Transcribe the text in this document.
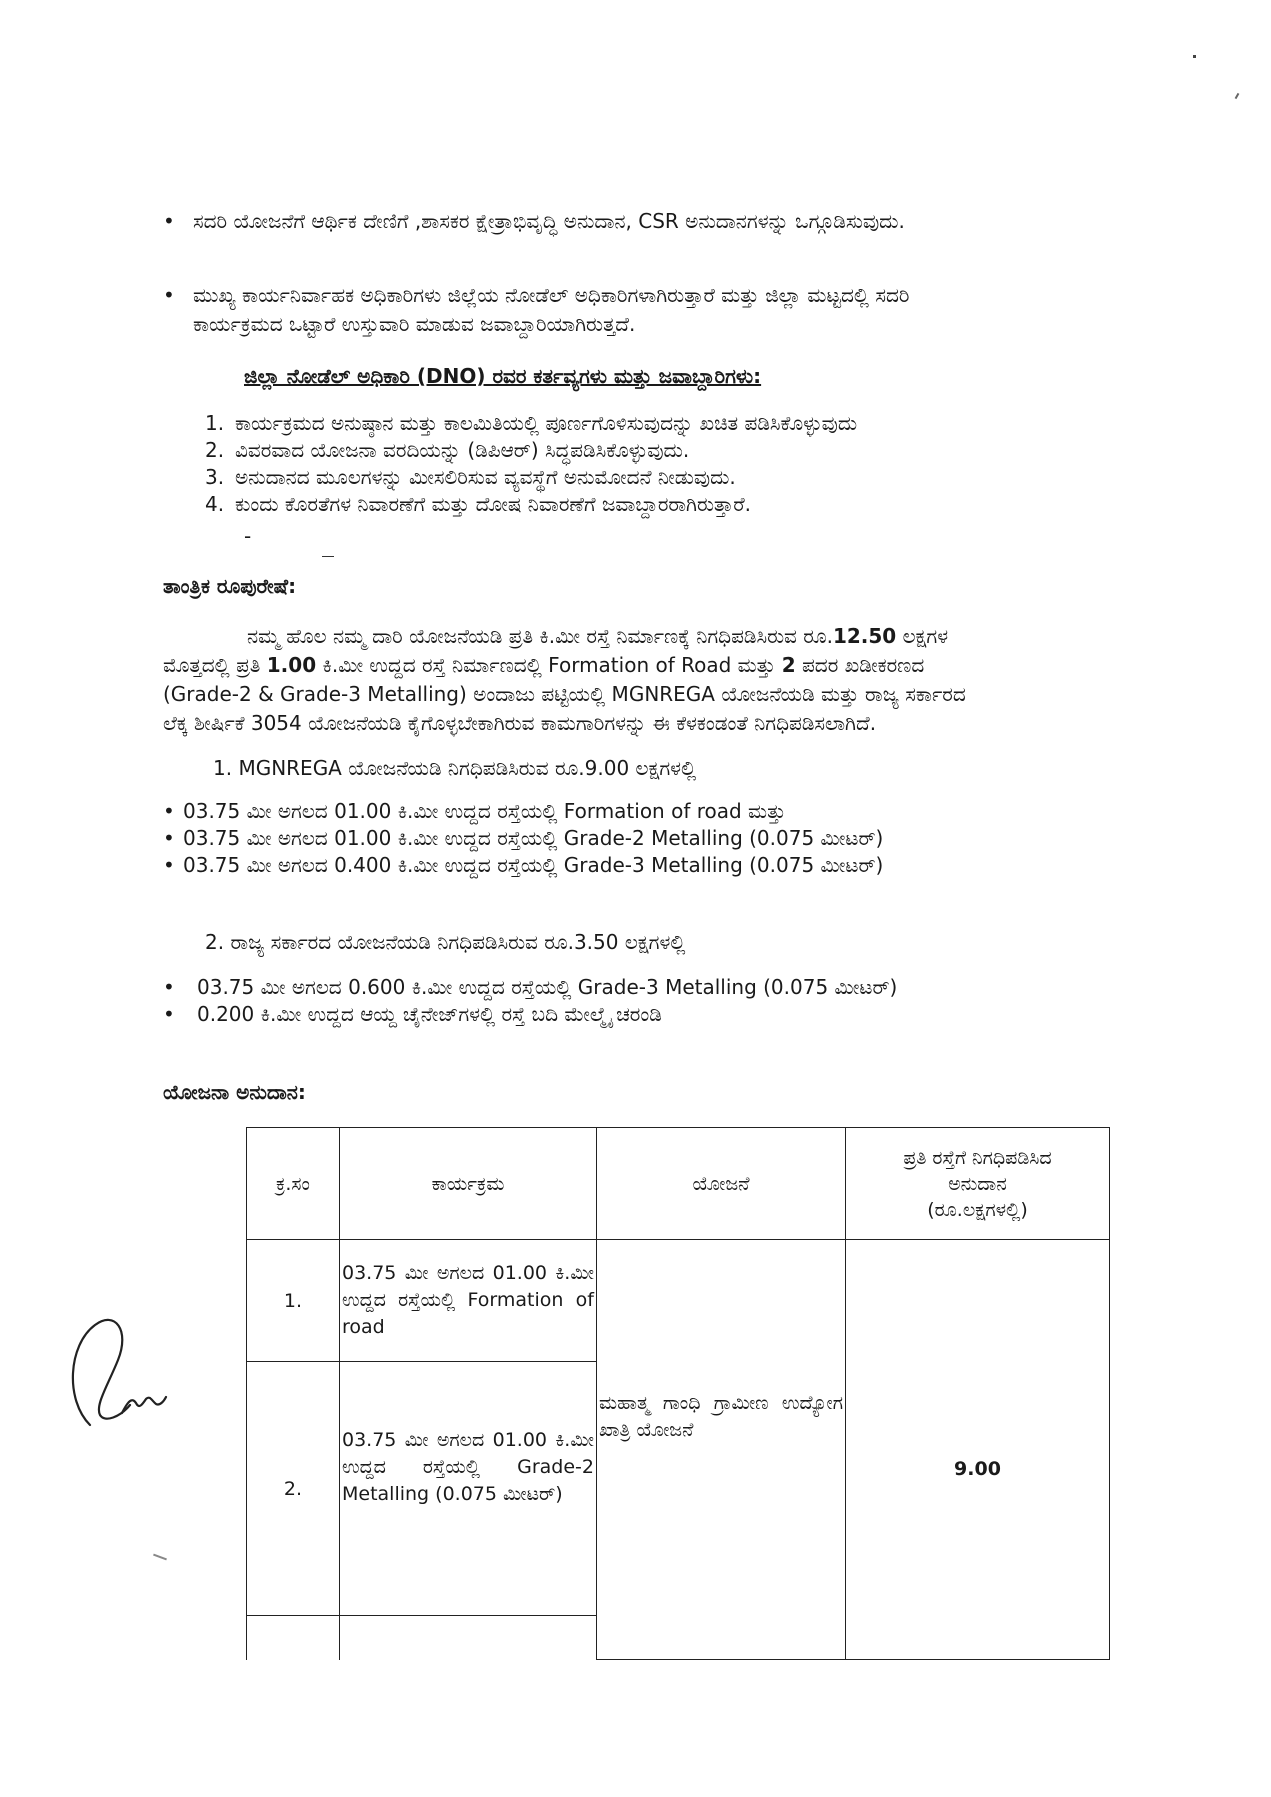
• ಸದರಿ ಯೋಜನೆಗೆ ಆರ್ಥಿಕ ದೇಣಿಗೆ ,ಶಾಸಕರ ಕ್ಷೇತ್ರಾಭಿವೃದ್ಧಿ ಅನುದಾನ, CSR ಅನುದಾನಗಳನ್ನು ಒಗ್ಗೂಡಿಸುವುದು.
• ಮುಖ್ಯ ಕಾರ್ಯನಿರ್ವಾಹಕ ಅಧಿಕಾರಿಗಳು ಜಿಲ್ಲೆಯ ನೋಡೆಲ್ ಅಧಿಕಾರಿಗಳಾಗಿರುತ್ತಾರೆ ಮತ್ತು ಜಿಲ್ಲಾ ಮಟ್ಟದಲ್ಲಿ ಸದರಿ
ಕಾರ್ಯಕ್ರಮದ ಒಟ್ಟಾರೆ ಉಸ್ತುವಾರಿ ಮಾಡುವ ಜವಾಬ್ದಾರಿಯಾಗಿರುತ್ತದೆ.
ಜಿಲ್ಲಾ ನೋಡೆಲ್ ಅಧಿಕಾರಿ (DNO) ರವರ ಕರ್ತವ್ಯಗಳು ಮತ್ತು ಜವಾಬ್ದಾರಿಗಳು:
1. ಕಾರ್ಯಕ್ರಮದ ಅನುಷ್ಠಾನ ಮತ್ತು ಕಾಲಮಿತಿಯಲ್ಲಿ ಪೂರ್ಣಗೊಳಿಸುವುದನ್ನು ಖಚಿತ ಪಡಿಸಿಕೊಳ್ಳುವುದು
2. ವಿವರವಾದ ಯೋಜನಾ ವರದಿಯನ್ನು (ಡಿಪಿಆರ್) ಸಿದ್ಧಪಡಿಸಿಕೊಳ್ಳುವುದು.
3. ಅನುದಾನದ ಮೂಲಗಳನ್ನು ಮೀಸಲಿರಿಸುವ ವ್ಯವಸ್ಥೆಗೆ ಅನುಮೋದನೆ ನೀಡುವುದು.
4. ಕುಂದು ಕೊರತೆಗಳ ನಿವಾರಣೆಗೆ ಮತ್ತು ದೋಷ ನಿವಾರಣೆಗೆ ಜವಾಬ್ದಾರರಾಗಿರುತ್ತಾರೆ.
-
ತಾಂತ್ರಿಕ ರೂಪುರೇಷೆ:
ನಮ್ಮ ಹೊಲ ನಮ್ಮ ದಾರಿ ಯೋಜನೆಯಡಿ ಪ್ರತಿ ಕಿ.ಮೀ ರಸ್ತೆ ನಿರ್ಮಾಣಕ್ಕೆ ನಿಗಧಿಪಡಿಸಿರುವ ರೂ.12.50 ಲಕ್ಷಗಳ
ಮೊತ್ತದಲ್ಲಿ ಪ್ರತಿ 1.00 ಕಿ.ಮೀ ಉದ್ದದ ರಸ್ತೆ ನಿರ್ಮಾಣದಲ್ಲಿ Formation of Road ಮತ್ತು 2 ಪದರ ಖಡೀಕರಣದ
(Grade-2 & Grade-3 Metalling) ಅಂದಾಜು ಪಟ್ಟಿಯಲ್ಲಿ MGNREGA ಯೋಜನೆಯಡಿ ಮತ್ತು ರಾಜ್ಯ ಸರ್ಕಾರದ
ಲೆಕ್ಕ ಶೀರ್ಷಿಕೆ 3054 ಯೋಜನೆಯಡಿ ಕೈಗೊಳ್ಳಬೇಕಾಗಿರುವ ಕಾಮಗಾರಿಗಳನ್ನು ಈ ಕೆಳಕಂಡಂತೆ ನಿಗಧಿಪಡಿಸಲಾಗಿದೆ.
1. MGNREGA ಯೋಜನೆಯಡಿ ನಿಗಧಿಪಡಿಸಿರುವ ರೂ.9.00 ಲಕ್ಷಗಳಲ್ಲಿ
• 03.75 ಮೀ ಅಗಲದ 01.00 ಕಿ.ಮೀ ಉದ್ದದ ರಸ್ತೆಯಲ್ಲಿ Formation of road ಮತ್ತು
• 03.75 ಮೀ ಅಗಲದ 01.00 ಕಿ.ಮೀ ಉದ್ದದ ರಸ್ತೆಯಲ್ಲಿ Grade-2 Metalling (0.075 ಮೀಟರ್)
• 03.75 ಮೀ ಅಗಲದ 0.400 ಕಿ.ಮೀ ಉದ್ದದ ರಸ್ತೆಯಲ್ಲಿ Grade-3 Metalling (0.075 ಮೀಟರ್)
2. ರಾಜ್ಯ ಸರ್ಕಾರದ ಯೋಜನೆಯಡಿ ನಿಗಧಿಪಡಿಸಿರುವ ರೂ.3.50 ಲಕ್ಷಗಳಲ್ಲಿ
•	03.75 ಮೀ ಅಗಲದ 0.600 ಕಿ.ಮೀ ಉದ್ದದ ರಸ್ತೆಯಲ್ಲಿ Grade-3 Metalling (0.075 ಮೀಟರ್)
•	0.200 ಕಿ.ಮೀ ಉದ್ದದ ಆಯ್ದ ಚೈನೇಜ್‌ಗಳಲ್ಲಿ ರಸ್ತೆ ಬದಿ ಮೇಲ್ಮೈ ಚರಂಡಿ
ಯೋಜನಾ ಅನುದಾನ:
ಕ್ರ.ಸಂ	ಕಾರ್ಯಕ್ರಮ	ಯೋಜನೆ	ಪ್ರತಿ ರಸ್ತೆಗೆ ನಿಗಧಿಪಡಿಸಿದ
ಅನುದಾನ
(ರೂ.ಲಕ್ಷಗಳಲ್ಲಿ)

1.	03.75 ಮೀ ಅಗಲದ 01.00 ಕಿ.ಮೀ ಉದ್ದದ ರಸ್ತೆಯಲ್ಲಿ Formation of road	ಮಹಾತ್ಮ ಗಾಂಧಿ ಗ್ರಾಮೀಣ ಉದ್ಯೋಗ ಖಾತ್ರಿ ಯೋಜನೆ	9.00
2.	03.75 ಮೀ ಅಗಲದ 01.00 ಕಿ.ಮೀ ಉದ್ದದ ರಸ್ತೆಯಲ್ಲಿ Grade-2 Metalling (0.075 ಮೀಟರ್)		
